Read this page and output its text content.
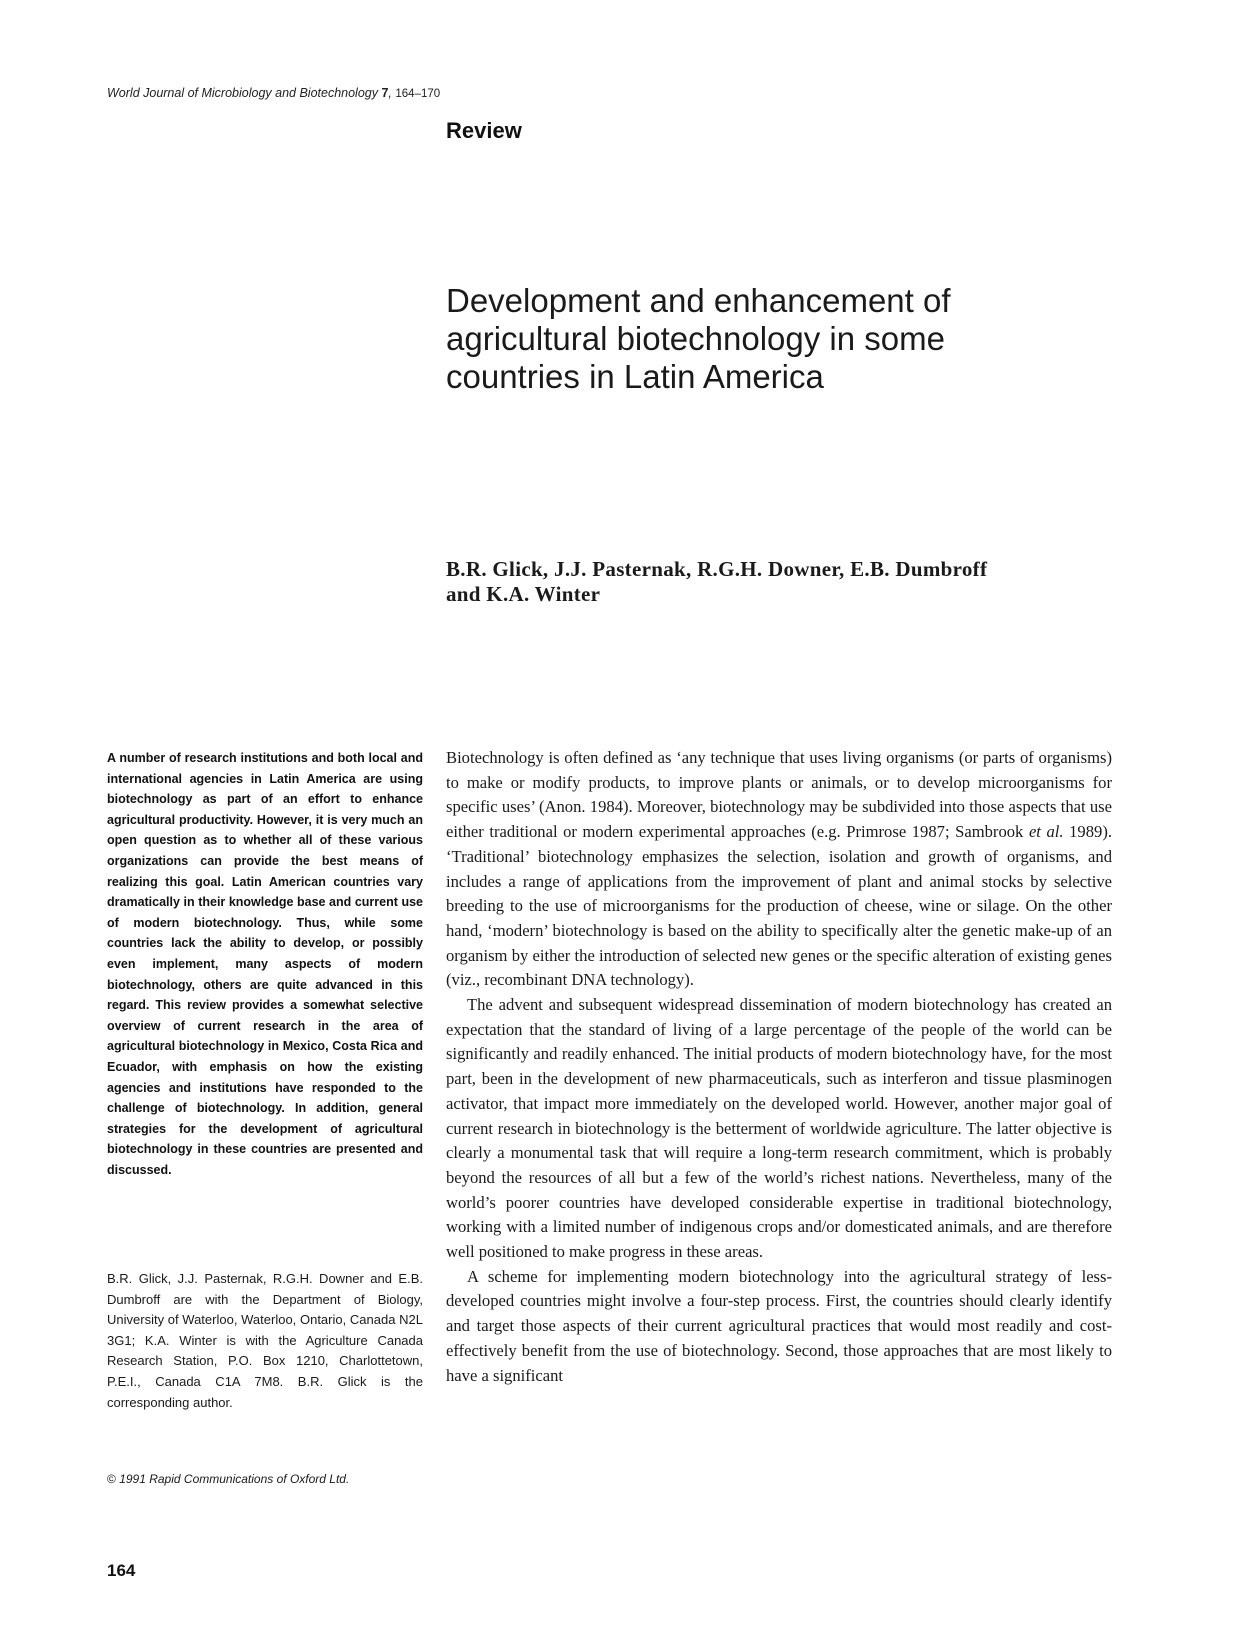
World Journal of Microbiology and Biotechnology 7, 164–170
Review
Development and enhancement of
agricultural biotechnology in some
countries in Latin America
B.R. Glick, J.J. Pasternak, R.G.H. Downer, E.B. Dumbroff
and K.A. Winter
A number of research institutions and both local and international agencies in Latin America are using biotechnology as part of an effort to enhance agricultural productivity. However, it is very much an open question as to whether all of these various organizations can provide the best means of realizing this goal. Latin American countries vary dramatically in their knowledge base and current use of modern biotechnology. Thus, while some countries lack the ability to develop, or possibly even implement, many aspects of modern biotechnology, others are quite advanced in this regard. This review provides a somewhat selective overview of current research in the area of agricultural biotechnology in Mexico, Costa Rica and Ecuador, with emphasis on how the existing agencies and institutions have responded to the challenge of biotechnology. In addition, general strategies for the development of agricultural biotechnology in these countries are presented and discussed.
B.R. Glick, J.J. Pasternak, R.G.H. Downer and E.B. Dumbroff are with the Department of Biology, University of Waterloo, Waterloo, Ontario, Canada N2L 3G1; K.A. Winter is with the Agriculture Canada Research Station, P.O. Box 1210, Charlottetown, P.E.I., Canada C1A 7M8. B.R. Glick is the corresponding author.
© 1991 Rapid Communications of Oxford Ltd.

Biotechnology is often defined as ‘any technique that uses living organisms (or parts of organisms) to make or modify products, to improve plants or animals, or to develop microorganisms for specific uses’ (Anon. 1984). Moreover, biotechnology may be subdivided into those aspects that use either traditional or modern experimental approaches (e.g. Primrose 1987; Sambrook et al. 1989). ‘Traditional’ biotechnology emphasizes the selection, isolation and growth of organisms, and includes a range of applications from the improvement of plant and animal stocks by selective breeding to the use of microorganisms for the production of cheese, wine or silage. On the other hand, ‘modern’ biotechnology is based on the ability to specifically alter the genetic make-up of an organism by either the introduction of selected new genes or the specific alteration of existing genes (viz., recombinant DNA technology).

The advent and subsequent widespread dissemination of modern biotechnology has created an expectation that the standard of living of a large percentage of the people of the world can be significantly and readily enhanced. The initial products of modern biotechnology have, for the most part, been in the development of new pharmaceuticals, such as interferon and tissue plasminogen activator, that impact more immediately on the developed world. However, another major goal of current research in biotechnology is the betterment of worldwide agriculture. The latter objective is clearly a monumental task that will require a long-term research commitment, which is probably beyond the resources of all but a few of the world’s richest nations. Nevertheless, many of the world’s poorer countries have developed considerable expertise in traditional biotechnology, working with a limited number of indigenous crops and/or domesticated animals, and are therefore well positioned to make progress in these areas.

A scheme for implementing modern biotechnology into the agricultural strategy of less-developed countries might involve a four-step process. First, the countries should clearly identify and target those aspects of their current agricultural practices that would most readily and cost-effectively benefit from the use of biotechnology. Second, those approaches that are most likely to have a significant

164
